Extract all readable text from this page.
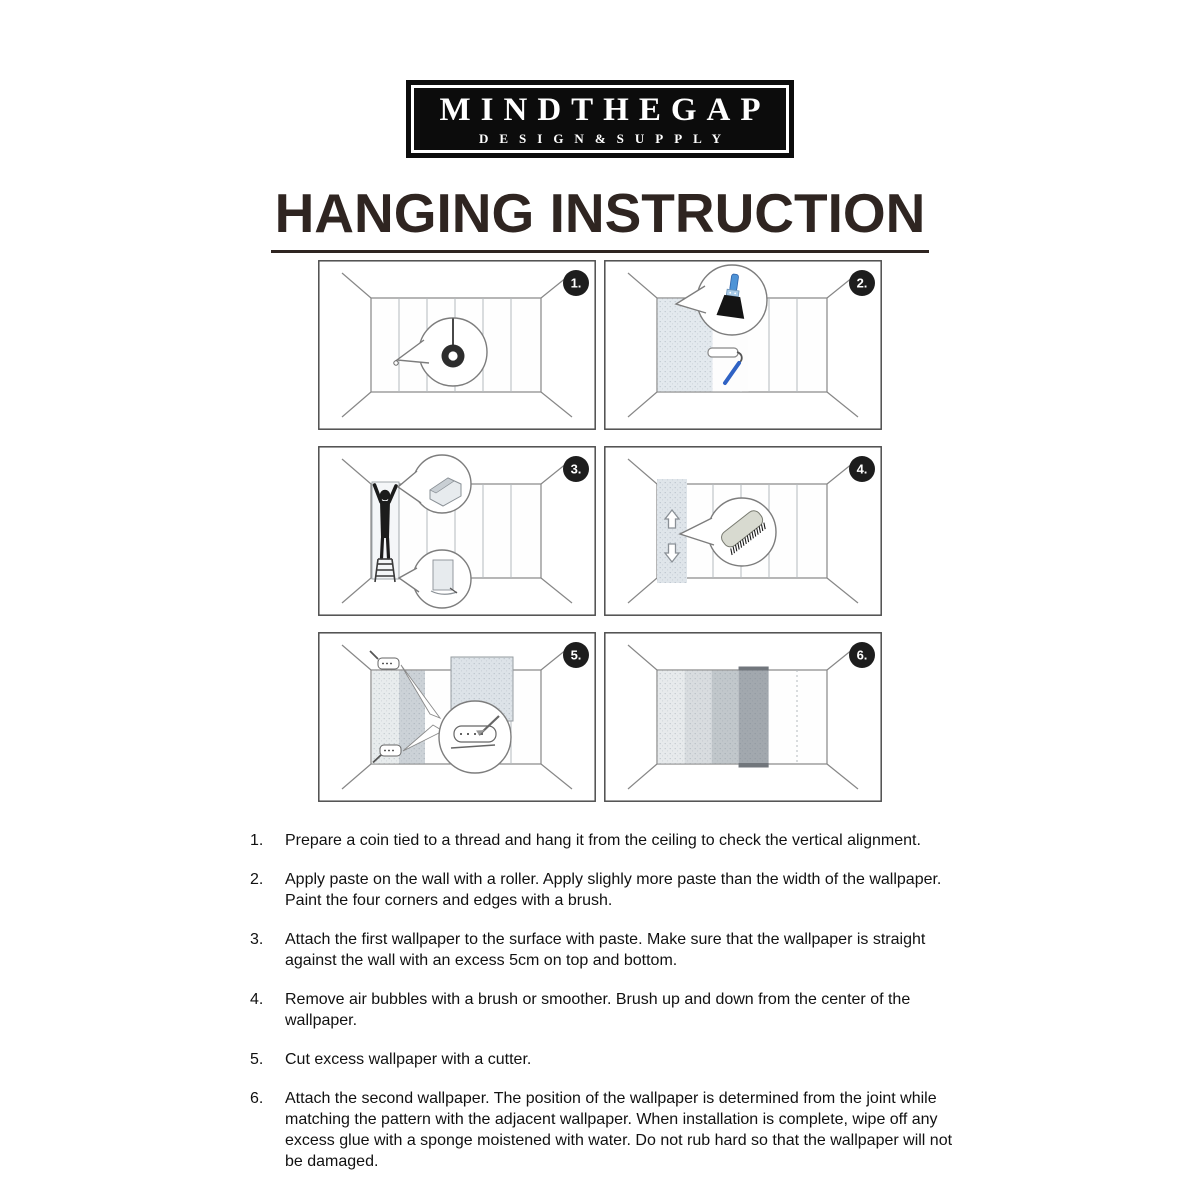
MINDTHEGAP
DESIGN&SUPPLY
HANGING INSTRUCTION
1.	2.
3.	4.
5.	6.
1.	Prepare a coin tied to a thread and hang it from the ceiling to check the vertical alignment.
2.	Apply paste on the wall with a roller. Apply slighly more paste than the width of the wallpaper. Paint the four corners and edges with a brush.
3.	Attach the first wallpaper to the surface with paste. Make sure that the wallpaper is straight against the wall with an excess 5cm on top and bottom.
4.	Remove air bubbles with a brush or smoother. Brush up and down from the center of the wallpaper.
5.	Cut excess wallpaper with a cutter.
6.	Attach the second wallpaper. The position of the wallpaper is determined from the joint while matching the pattern with the adjacent wallpaper. When installation is complete, wipe off any excess glue with a sponge moistened with water. Do not rub hard so that the wallpaper will not be damaged.
